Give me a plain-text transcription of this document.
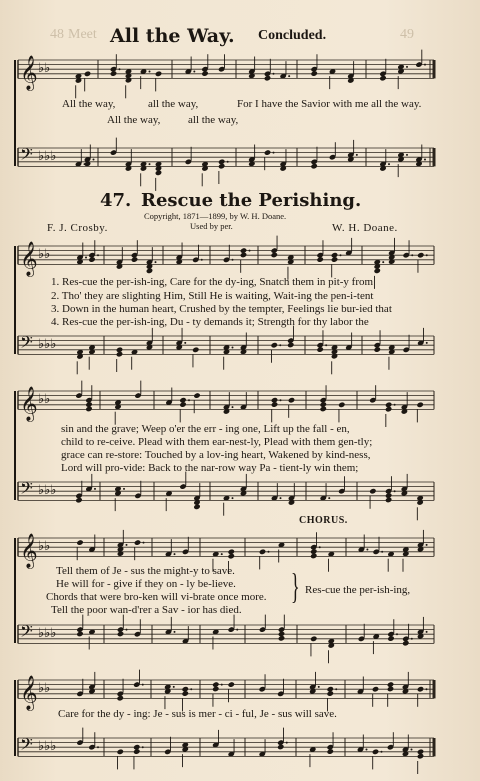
48 Meet	49
𝄞 ♭♭
𝄢 ♭♭♭
𝄞 ♭♭
𝄢 ♭♭♭
𝄞 ♭♭
𝄢 ♭♭♭
𝄞 ♭♭
𝄢 ♭♭♭
𝄞 ♭♭
𝄢 ♭♭♭
All the Way. Concluded.
All the way,	all the way,	For I have the Savior with me all the way.
All the way,	all the way,
47. Rescue the Perishing.
Copyright, 1871—1899, by W. H. Doane.
Used by per.
F. J. Crosby.	W. H. Doane.
1. Res-cue the per-ish-ing, Care for the dy-ing, Snatch them in pit-y from
2. Tho' they are slighting Him, Still He is waiting, Wait-ing the pen-i-tent
3. Down in the human heart, Crushed by the tempter, Feelings lie bur-ied that
4. Res-cue the per-ish-ing, Du - ty demands it; Strength for thy labor the
sin and the grave; Weep o'er the err - ing one, Lift up the fall - en,
child to re-ceive. Plead with them ear-nest-ly, Plead with them gen-tly;
grace can re-store: Touched by a lov-ing heart, Wakened by kind-ness,
Lord will pro-vide: Back to the nar-row way Pa - tient-ly win them;
CHORUS.
Tell them of Je - sus the might-y to save.
He will for - give if they on - ly be-lieve.
Chords that were bro-ken will vi-brate once more.
Tell the poor wan-d'rer a Sav - ior has died.
} Res-cue the per-ish-ing,
Care for the dy - ing: Je - sus is mer - ci - ful, Je - sus will save.
